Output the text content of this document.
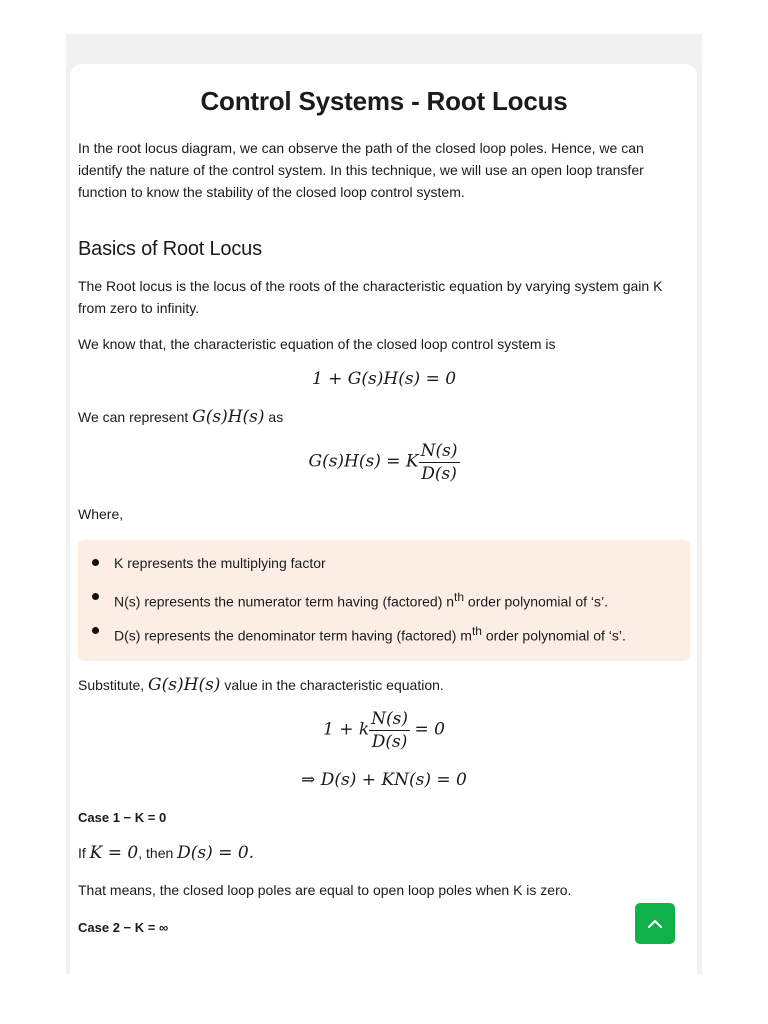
Control Systems - Root Locus

In the root locus diagram, we can observe the path of the closed loop poles. Hence, we can identify the nature of the control system. In this technique, we will use an open loop transfer function to know the stability of the closed loop control system.

Basics of Root Locus

The Root locus is the locus of the roots of the characteristic equation by varying system gain K from zero to infinity.

We know that, the characteristic equation of the closed loop control system is

1 + G(s)H(s) = 0

We can represent G(s)H(s) as

G(s)H(s) = K $\frac{N(s)}{D(s)}$

Where,

K represents the multiplying factor
N(s) represents the numerator term having (factored) $n^{th}$ order polynomial of ‘s’.
D(s) represents the denominator term having (factored) $m^{th}$ order polynomial of ‘s’.

Substitute, G(s)H(s) value in the characteristic equation.

1 + k $\frac{N(s)}{D(s)} = 0$
⇒ D(s) + KN(s) = 0

Case 1 − K = 0

If K = 0, then D(s) = 0.

That means, the closed loop poles are equal to open loop poles when K is zero.

Case 2 − K = ∞
